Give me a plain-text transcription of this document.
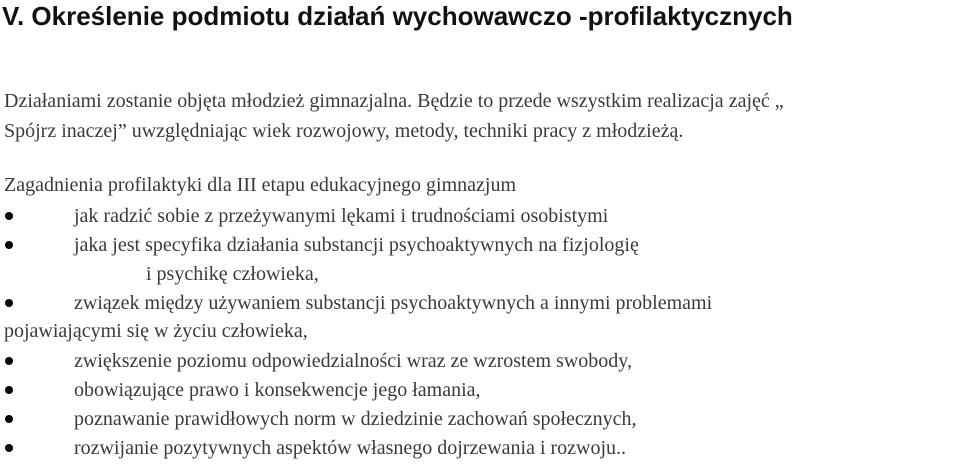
V. Określenie podmiotu działań wychowawczo -profilaktycznych
Działaniami zostanie objęta młodzież gimnazjalna. Będzie to przede wszystkim realizacja zajęć „
Spójrz inaczej” uwzględniając wiek rozwojowy, metody, techniki pracy z młodzieżą.
Zagadnienia profilaktyki dla III etapu edukacyjnego gimnazjum
jak radzić sobie z przeżywanymi lękami i trudnościami osobistymi
jaka jest specyfika działania substancji psychoaktywnych na fizjologię
i psychikę człowieka,
związek między używaniem substancji psychoaktywnych a innymi problemami
pojawiającymi się w życiu człowieka,
zwiększenie poziomu odpowiedzialności wraz ze wzrostem swobody,
obowiązujące prawo i konsekwencje jego łamania,
poznawanie prawidłowych norm w dziedzinie zachowań społecznych,
rozwijanie pozytywnych aspektów własnego dojrzewania i rozwoju..
